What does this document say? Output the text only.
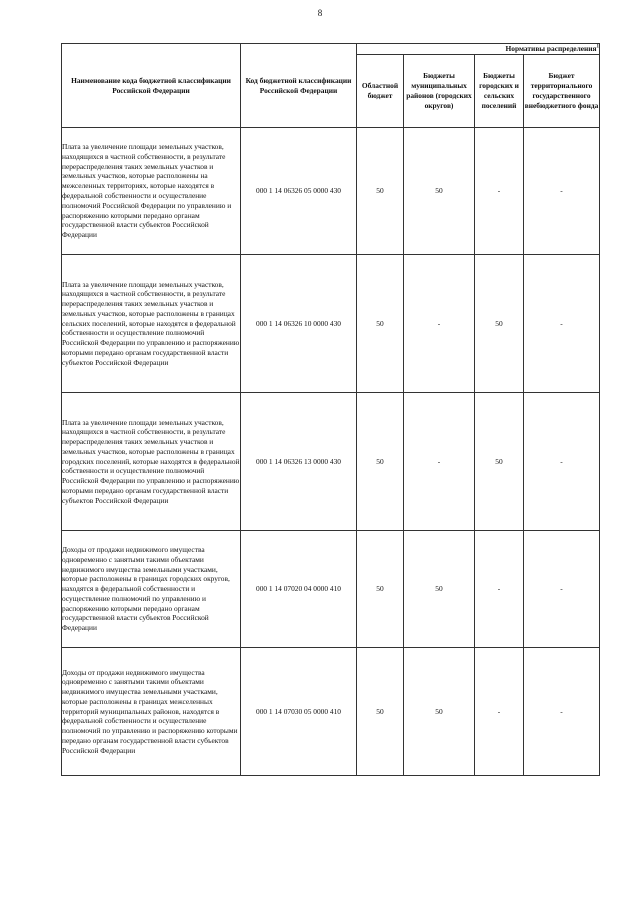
8
Наименование кода бюджетной классификации Российской Федерации	Код бюджетной классификации Российской Федерации	Нормативы распределения$^1$
		Областной бюджет	Бюджеты муниципальных районов (городских округов)	Бюджеты городских и сельских поселений	Бюджет территориального государственного внебюджетного фонда
Плата за увеличение площади земельных участков, находящихся в частной собственности, в результате перераспределения таких земельных участков и земельных участков, которые расположены на межселенных территориях, которые находятся в федеральной собственности и осуществление полномочий Российской Федерации по управлению и распоряжению которыми передано органам государственной власти субъектов Российской Федерации	000 1 14 06326 05 0000 430	50	50	-	-
Плата за увеличение площади земельных участков, находящихся в частной собственности, в результате перераспределения таких земельных участков и земельных участков, которые расположены в границах сельских поселений, которые находятся в федеральной собственности и осуществление полномочий Российской Федерации по управлению и распоряжению которыми передано органам государственной власти субъектов Российской Федерации	000 1 14 06326 10 0000 430	50	-	50	-
Плата за увеличение площади земельных участков, находящихся в частной собственности, в результате перераспределения таких земельных участков и земельных участков, которые расположены в границах городских поселений, которые находятся в федеральной собственности и осуществление полномочий Российской Федерации по управлению и распоряжению которыми передано органам государственной власти субъектов Российской Федерации	000 1 14 06326 13 0000 430	50	-	50	-
Доходы от продажи недвижимого имущества одновременно с занятыми такими объектами недвижимого имущества земельными участками, которые расположены в границах городских округов, находятся в федеральной собственности и осуществление полномочий по управлению и распоряжению которыми передано органам государственной власти субъектов Российской Федерации	000 1 14 07020 04 0000 410	50	50	-	-
Доходы от продажи недвижимого имущества одновременно с занятыми такими объектами недвижимого имущества земельными участками, которые расположены в границах межселенных территорий муниципальных районов, находятся в федеральной собственности и осуществление полномочий по управлению и распоряжению которыми передано органам государственной власти субъектов Российской Федерации	000 1 14 07030 05 0000 410	50	50	-	-
